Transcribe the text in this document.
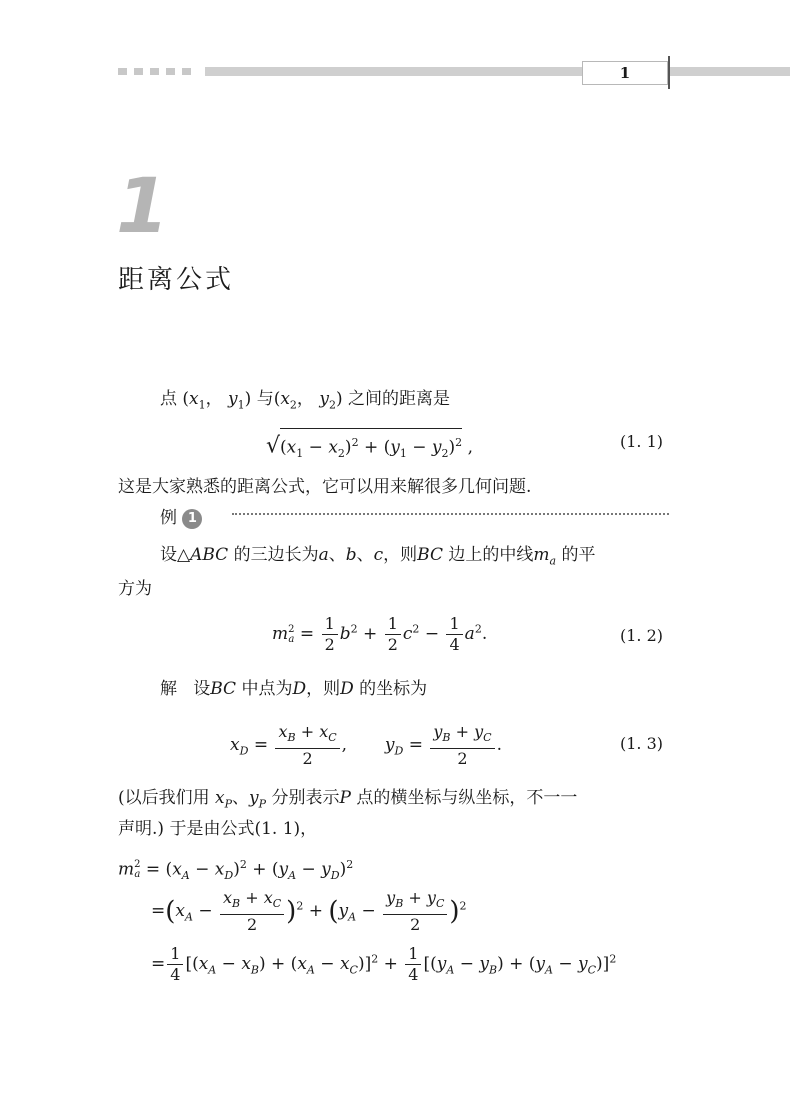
1
1
距离公式
点 ($x_1$， $y_1$) 与($x_2$， $y_2$) 之间的距离是
$√(x_1 - x_2)^2 + (y_1 - y_2)^2$ ,	(1. 1)
这是大家熟悉的距离公式，它可以用来解很多几何问题.
例 1
设△ABC 的三边长为a、b、c，则BC 边上的中线$m_a$ 的平
方为
m 2
$a = \frac{1}{2} b^2 + \frac{1}{2} c^2 - \frac{1}{4} a^2$.	(1. 2)
解 设BC 中点为D，则D 的坐标为
$x_D = \frac{x_B + x_C}{2}$ ,       $y_D = \frac{y_B + y_C}{2}$ .	(1. 3)
(以后我们用 $x_P$、$y_P$ 分别表示P 点的横坐标与纵坐标，不一一
声明.) 于是由公式(1. 1)，
m 2
$a = (x_A - x_D)^2 + (y_A - y_D)^2$
$=(x_A - \frac{x_B + x_C}{2} )^2 + (y_A - \frac{y_B + y_C}{2} )^2$
= $\frac{1}{4} [(x_A - x_B) + (x_A - x_C)]^2 + \frac{1}{4} [(y_A - y_B) + (y_A - y_C)]^2$
